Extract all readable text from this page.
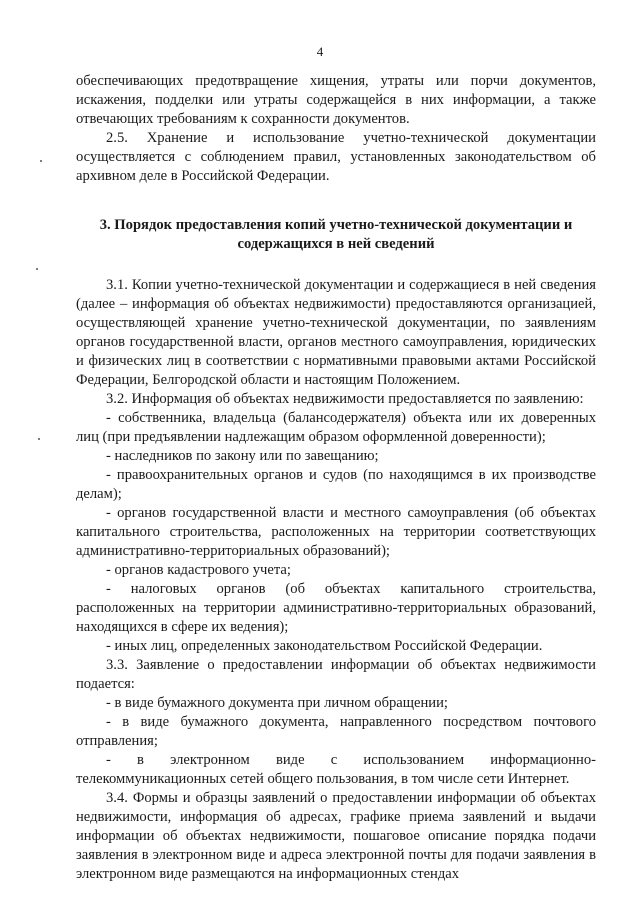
4

обеспечивающих предотвращение хищения, утраты или порчи документов, искажения, подделки или утраты содержащейся в них информации, а также отвечающих требованиям к сохранности документов.

2.5. Хранение и использование учетно-технической документации осуществляется с соблюдением правил, установленных законодательством об архивном деле в Российской Федерации.

3. Порядок предоставления копий учетно-технической документации и содержащихся в ней сведений

3.1. Копии учетно-технической документации и содержащиеся в ней сведения (далее – информация об объектах недвижимости) предоставляются организацией, осуществляющей хранение учетно-технической документации, по заявлениям органов государственной власти, органов местного самоуправления, юридических и физических лиц в соответствии с нормативными правовыми актами Российской Федерации, Белгородской области и настоящим Положением.

3.2. Информация об объектах недвижимости предоставляется по заявлению:

- собственника, владельца (балансодержателя) объекта или их доверенных лиц (при предъявлении надлежащим образом оформленной доверенности);

- наследников по закону или по завещанию;

- правоохранительных органов и судов (по находящимся в их производстве делам);

- органов государственной власти и местного самоуправления (об объектах капитального строительства, расположенных на территории соответствующих административно-территориальных образований);

- органов кадастрового учета;

- налоговых органов (об объектах капитального строительства, расположенных на территории административно-территориальных образований, находящихся в сфере их ведения);

- иных лиц, определенных законодательством Российской Федерации.

3.3. Заявление о предоставлении информации об объектах недвижимости подается:

- в виде бумажного документа при личном обращении;

- в виде бумажного документа, направленного посредством почтового отправления;

- в электронном виде с использованием информационно-телекоммуникационных сетей общего пользования, в том числе сети Интернет.

3.4. Формы и образцы заявлений о предоставлении информации об объектах недвижимости, информация об адресах, графике приема заявлений и выдачи информации об объектах недвижимости, пошаговое описание порядка подачи заявления в электронном виде и адреса электронной почты для подачи заявления в электронном виде размещаются на информационных стендах
